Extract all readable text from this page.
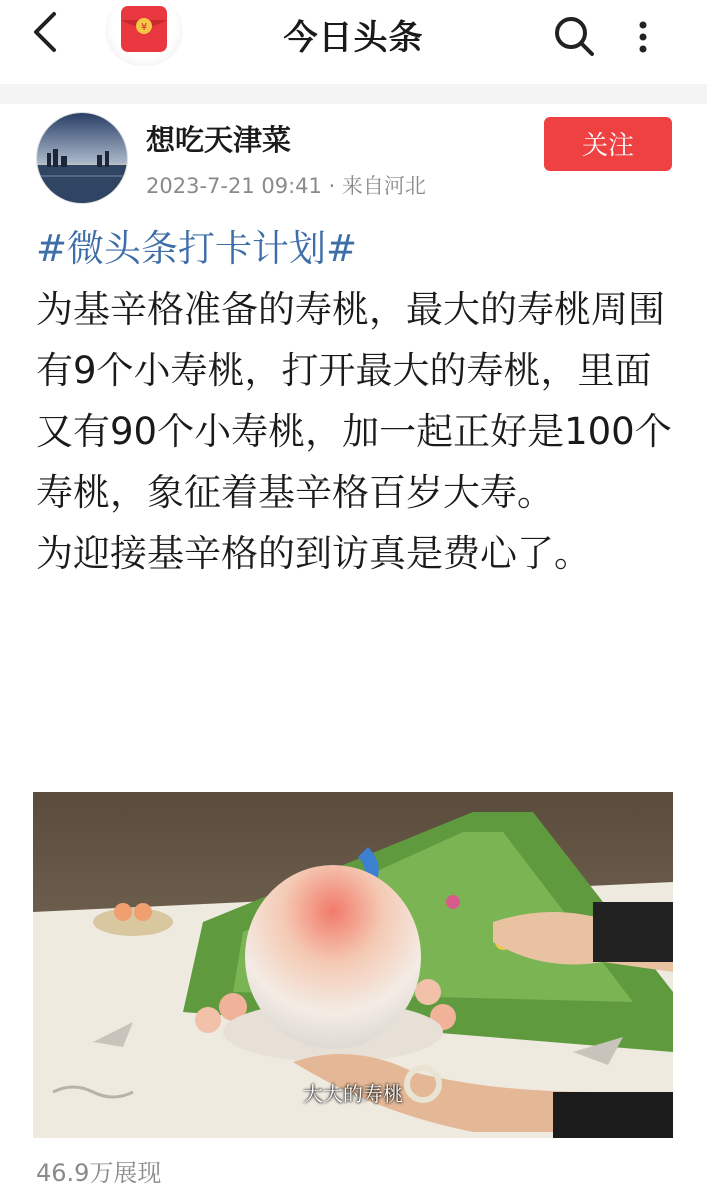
¥	今日头条
想吃天津菜
2023-7-21 09:41 · 来自河北
关注
#微头条打卡计划#
为基辛格准备的寿桃，最大的寿桃周围有9个小寿桃，打开最大的寿桃，里面又有90个小寿桃，加一起正好是100个寿桃，象征着基辛格百岁大寿。
为迎接基辛格的到访真是费心了。
大大的寿桃
46.9万展现
